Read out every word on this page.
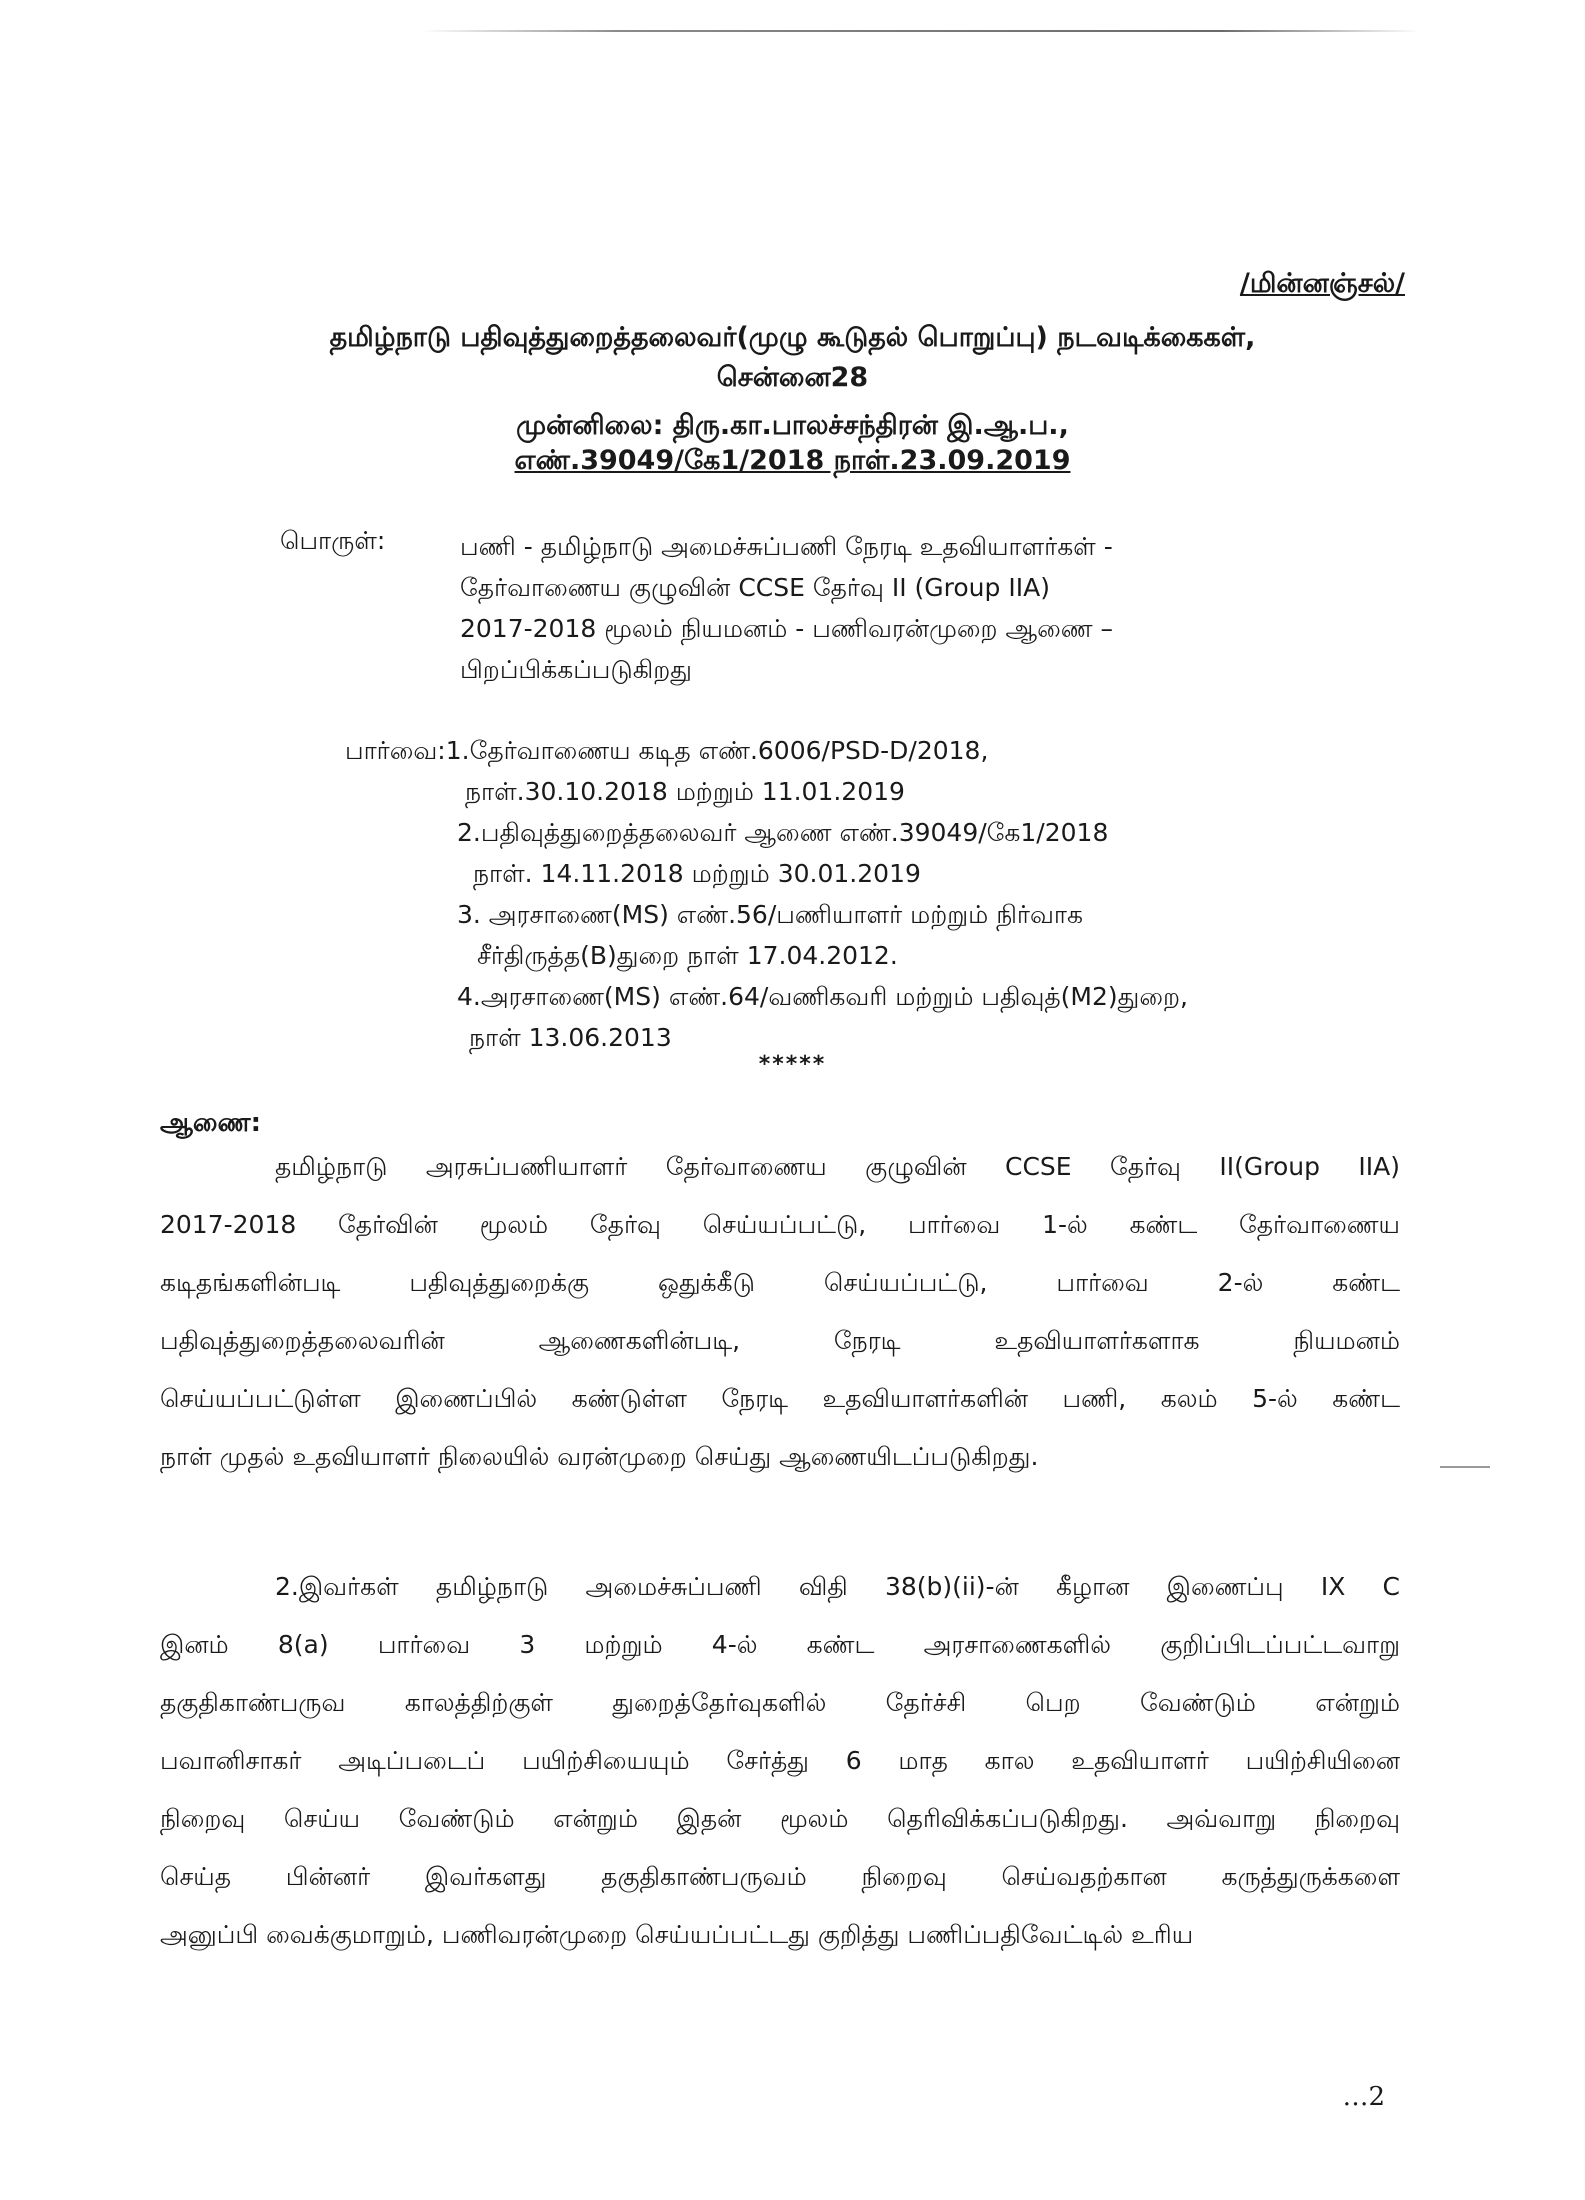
/மின்னஞ்சல்/
தமிழ்நாடு பதிவுத்துறைத்தலைவர்(முழு கூடுதல் பொறுப்பு) நடவடிக்கைகள்,
சென்னை28
முன்னிலை: திரு.கா.பாலச்சந்திரன் இ.ஆ.ப.,
எண்.39049/கே1/2018 நாள்.23.09.2019
பொருள்:	பணி - தமிழ்நாடு அமைச்சுப்பணி நேரடி உதவியாளர்கள் -
தேர்வாணைய குழுவின் CCSE தேர்வு II (Group IIA)
2017-2018 மூலம் நியமனம் - பணிவரன்முறை ஆணை –
பிறப்பிக்கப்படுகிறது
பார்வை:1.தேர்வாணைய கடித எண்.6006/PSD-D/2018,
நாள்.30.10.2018 மற்றும் 11.01.2019
2.பதிவுத்துறைத்தலைவர் ஆணை எண்.39049/கே1/2018
நாள். 14.11.2018 மற்றும் 30.01.2019
3. அரசாணை(MS) எண்.56/பணியாளர் மற்றும் நிர்வாக
சீர்திருத்த(B)துறை நாள் 17.04.2012.
4.அரசாணை(MS) எண்.64/வணிகவரி மற்றும் பதிவுத்(M2)துறை,
நாள் 13.06.2013
*****
ஆணை:
தமிழ்நாடு அரசுப்பணியாளர் தேர்வாணைய குழுவின் CCSE தேர்வு II(Group IIA)
2017-2018 தேர்வின் மூலம் தேர்வு செய்யப்பட்டு, பார்வை 1-ல் கண்ட தேர்வாணைய
கடிதங்களின்படி பதிவுத்துறைக்கு ஒதுக்கீடு செய்யப்பட்டு, பார்வை 2-ல் கண்ட
பதிவுத்துறைத்தலைவரின் ஆணைகளின்படி, நேரடி உதவியாளர்களாக நியமனம்
செய்யப்பட்டுள்ள இணைப்பில் கண்டுள்ள நேரடி உதவியாளர்களின் பணி, கலம் 5-ல் கண்ட
நாள் முதல் உதவியாளர் நிலையில் வரன்முறை செய்து ஆணையிடப்படுகிறது.
2.இவர்கள் தமிழ்நாடு அமைச்சுப்பணி விதி 38(b)(ii)-ன் கீழான இணைப்பு IX C
இனம் 8(a) பார்வை 3 மற்றும் 4-ல் கண்ட அரசாணைகளில் குறிப்பிடப்பட்டவாறு
தகுதிகாண்பருவ காலத்திற்குள் துறைத்தேர்வுகளில் தேர்ச்சி பெற வேண்டும் என்றும்
பவானிசாகர் அடிப்படைப் பயிற்சியையும் சேர்த்து 6 மாத கால உதவியாளர் பயிற்சியினை
நிறைவு செய்ய வேண்டும் என்றும் இதன் மூலம் தெரிவிக்கப்படுகிறது. அவ்வாறு நிறைவு
செய்த பின்னர் இவர்களது தகுதிகாண்பருவம் நிறைவு செய்வதற்கான கருத்துருக்களை
அனுப்பி வைக்குமாறும், பணிவரன்முறை செய்யப்பட்டது குறித்து பணிப்பதிவேட்டில் உரிய
…2
